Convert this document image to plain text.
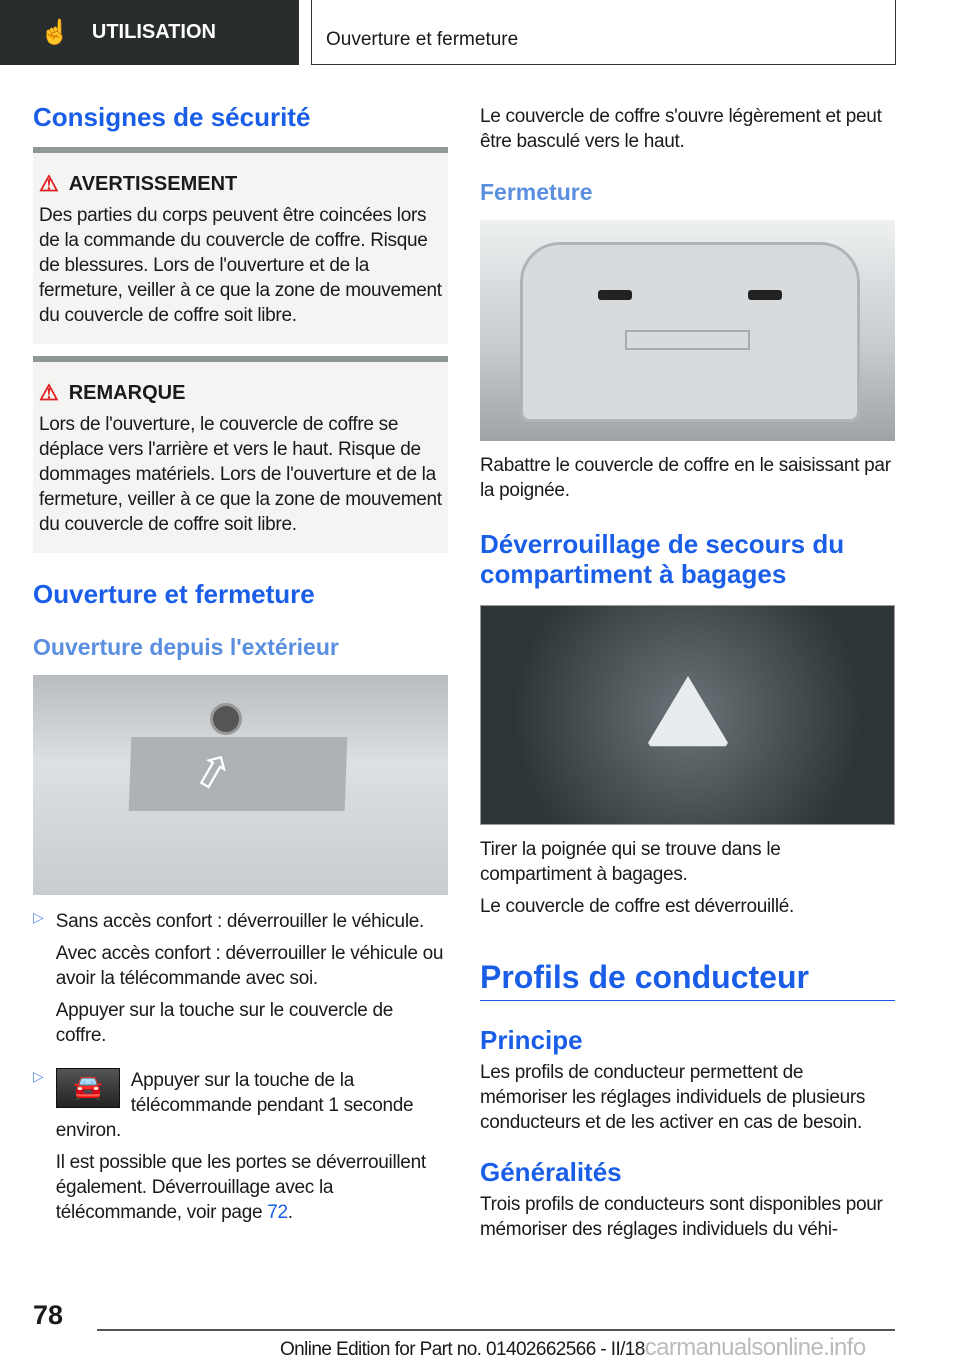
☝ UTILISATION	Ouverture et fermeture
Consignes de sécurité
⚠ AVERTISSEMENT
Des parties du corps peuvent être coincées lors de la commande du couvercle de coffre. Risque de blessures. Lors de l'ouverture et de la fermeture, veiller à ce que la zone de mouvement du couvercle de coffre soit libre.
⚠ REMARQUE
Lors de l'ouverture, le couvercle de coffre se déplace vers l'arrière et vers le haut. Risque de dommages matériels. Lors de l'ouverture et de la fermeture, veiller à ce que la zone de mouvement du couvercle de coffre soit libre.
Ouverture et fermeture
Ouverture depuis l'extérieur
⇧
▷ Sans accès confort : déverrouiller le véhicule.
Avec accès confort : déverrouiller le véhicule ou avoir la télécommande avec soi.
Appuyer sur la touche sur le couvercle de coffre.
▷	🚘	Appuyer sur la touche de la télécommande pendant 1 seconde environ.
Il est possible que les portes se déverrouillent également. Déverrouillage avec la télécommande, voir page 72.
Le couvercle de coffre s'ouvre légèrement et peut être basculé vers le haut.
Fermeture
Rabattre le couvercle de coffre en le saisissant par la poignée.
Déverrouillage de secours du compartiment à bagages
Tirer la poignée qui se trouve dans le compartiment à bagages.
Le couvercle de coffre est déverrouillé.
Profils de conducteur
Principe
Les profils de conducteur permettent de mémoriser les réglages individuels de plusieurs conducteurs et de les activer en cas de besoin.
Généralités
Trois profils de conducteurs sont disponibles pour mémoriser des réglages individuels du véhi-
78
Online Edition for Part no. 01402662566 - II/18carmanualsonline.info
